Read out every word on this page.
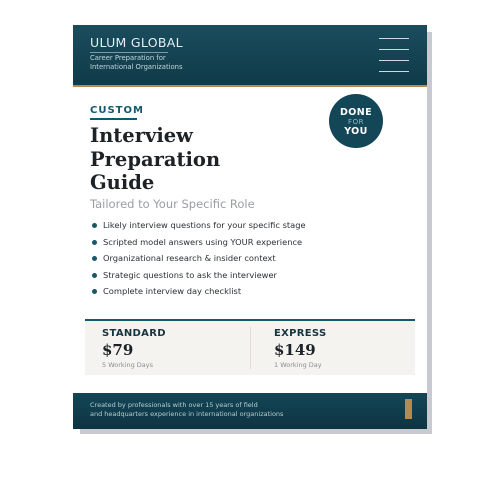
ULUM GLOBAL
Career Preparation for
International Organizations
CUSTOM	DONE
FOR
YOU
Interview
Preparation
Guide
Tailored to Your Specific Role
Likely interview questions for your specific stage
Scripted model answers using YOUR experience
Organizational research & insider context
Strategic questions to ask the interviewer
Complete interview day checklist
STANDARD
$79
5 Working Days
EXPRESS
$149
1 Working Day
Created by professionals with over 15 years of field
and headquarters experience in international organizations
